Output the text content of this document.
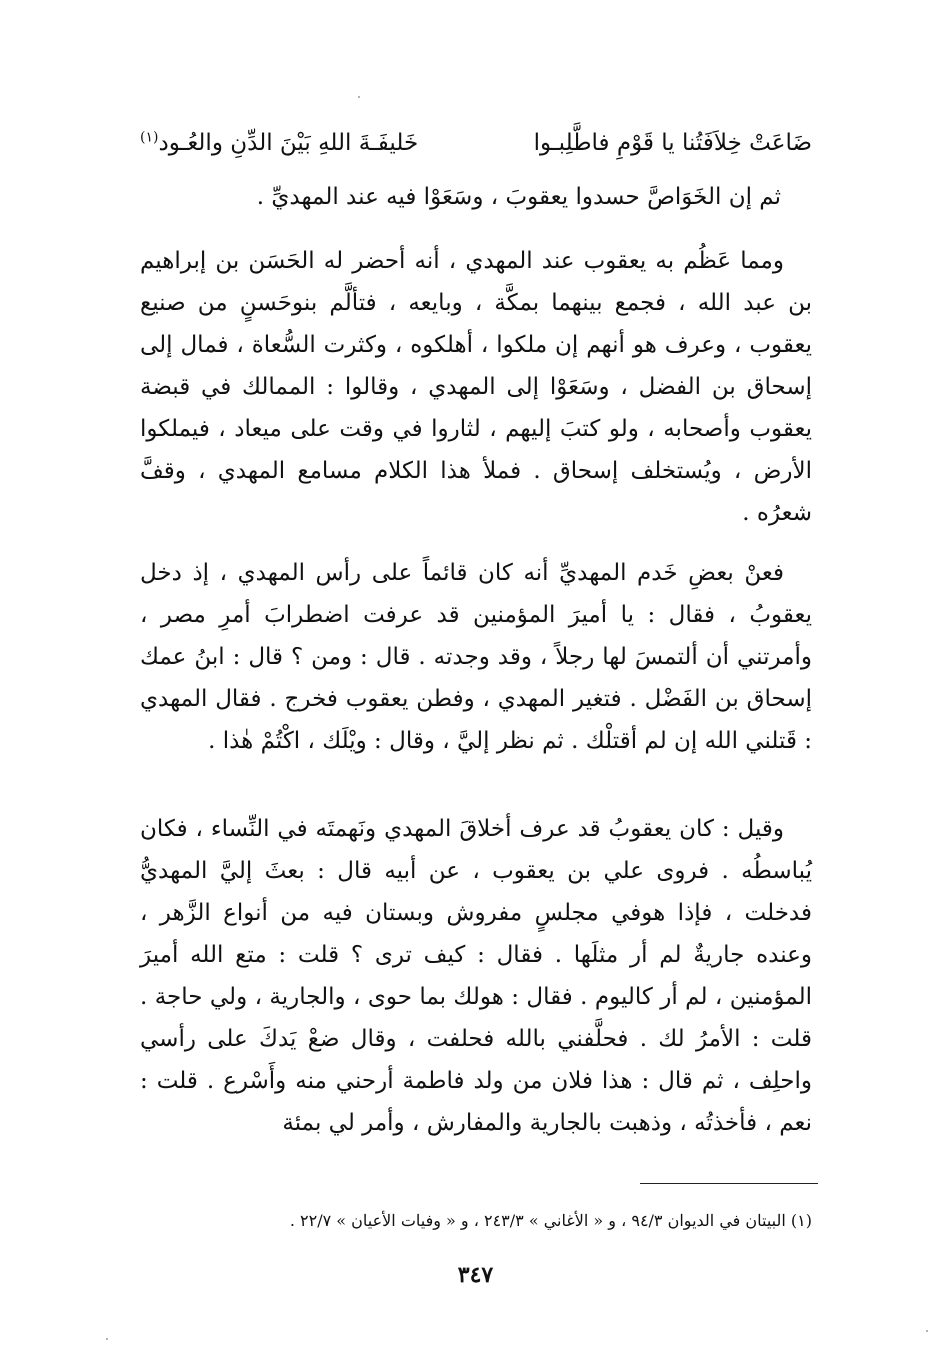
ضَاعَتْ خِلاَفَتُنا يا قَوْمِ فاطَّلِبـوا
خَليفَـةَ اللهِ بَيْنَ الدِّنِ والعُـود$^{(١)}$
ثم إن الخَوَاصَّ حسدوا يعقوبَ ، وسَعَوْا فيه عند المهديِّ .

ومما عَظُم به يعقوب عند المهدي ، أنه أحضر له الحَسَن بن إبراهيم بن عبد الله ، فجمع بينهما بمكَّة ، وبايعه ، فتألَّم بنوحَسنٍ من صنيع يعقوب ، وعرف هو أنهم إن ملكوا ، أهلكوه ، وكثرت السُّعاة ، فمال إلى إسحاق بن الفضل ، وسَعَوْا إلى المهدي ، وقالوا : الممالك في قبضة يعقوب وأصحابه ، ولو كتبَ إليهم ، لثاروا في وقت على ميعاد ، فيملكوا الأرض ، ويُستخلف إسحاق . فملأ هذا الكلام مسامع المهدي ، وقفَّ شعرُه .

فعنْ بعضِ خَدم المهديِّ أنه كان قائماً على رأس المهدي ، إذ دخل يعقوبُ ، فقال : يا أميرَ المؤمنين قد عرفت اضطرابَ أمرِ مصر ، وأمرتني أن ألتمسَ لها رجلاً ، وقد وجدته . قال : ومن ؟ قال : ابنُ عمك إسحاق بن الفَضْل . فتغير المهدي ، وفطن يعقوب فخرج . فقال المهدي : قَتلني الله إن لم أقتلْك . ثم نظر إليَّ ، وقال : ويْلَك ، اكْتُمْ هٰذا .

وقيل : كان يعقوبُ قد عرف أخلاقَ المهدي ونَهمتَه في النِّساء ، فكان يُباسطُه . فروى علي بن يعقوب ، عن أبيه قال : بعثَ إليَّ المهديُّ فدخلت ، فإذا هوفي مجلسٍ مفروش وبستان فيه من أنواع الزَّهر ، وعنده جاريةٌ لم أر مثلَها . فقال : كيف ترى ؟ قلت : متع الله أميرَ المؤمنين ، لم أر كاليوم . فقال : هولك بما حوى ، والجارية ، ولي حاجة . قلت : الأمرُ لك . فحلَّفني بالله فحلفت ، وقال ضعْ يَدكَ على رأسي واحلِف ، ثم قال : هذا فلان من ولد فاطمة أرحني منه وأَسْرع . قلت : نعم ، فأخذتُه ، وذهبت بالجارية والمفارش ، وأمر لي بمئة

(١) البيتان في الديوان ٩٤/٣ ، و « الأغاني » ٢٤٣/٣ ، و « وفيات الأعيان » ٢٢/٧ .
٣٤٧
